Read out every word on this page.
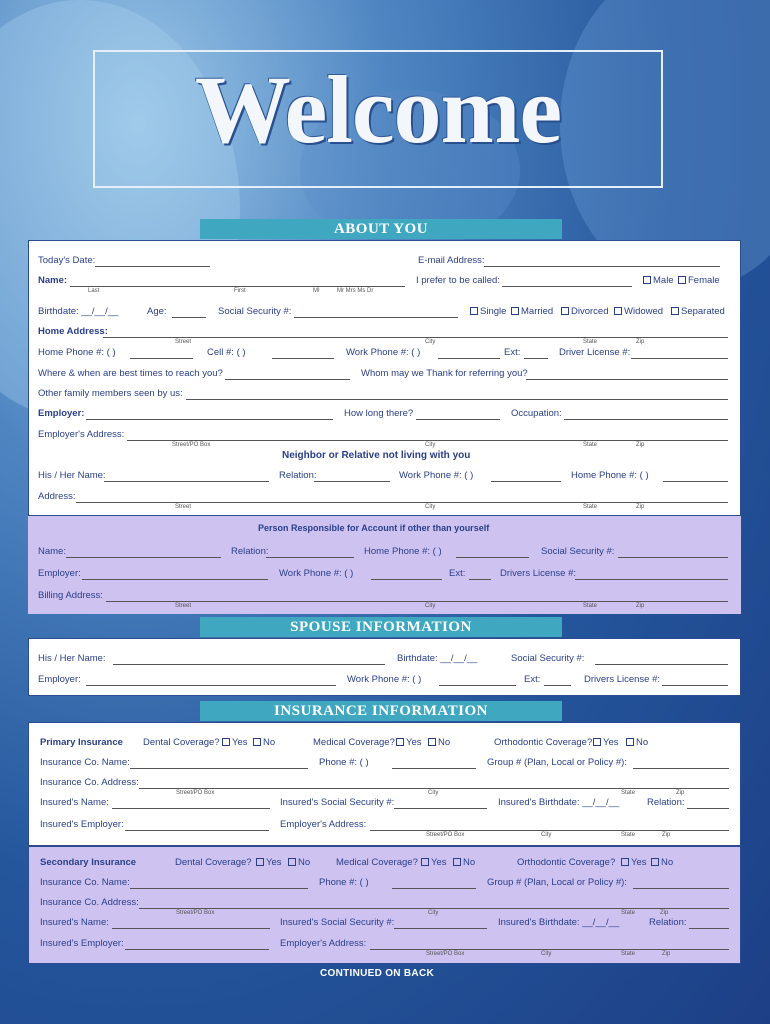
Welcome
ABOUT YOU
Today's Date:	E-mail Address:
Name:
Last	First	MI	Mr Mrs Ms Dr
I prefer to be called:	Male	Female
Birthdate: __/__/__	Age:	Social Security #:	Single	Married	Divorced	Widowed	Separated
Home Address:
Street	City	State	Zip
Home Phone #: ( )	Cell #: ( )	Work Phone #: ( )	Ext:	Driver License #:
Where & when are best times to reach you?	Whom may we Thank for referring you?
Other family members seen by us:
Employer:	How long there?	Occupation:
Employer's Address:
Street/PO Box	City	State	Zip
Neighbor or Relative not living with you
His / Her Name:	Relation:	Work Phone #: ( )	Home Phone #: ( )
Address:
Street	City	State	Zip
Person Responsible for Account if other than yourself
Name:	Relation:	Home Phone #: ( )	Social Security #:
Employer:	Work Phone #: ( )	Ext:	Drivers License #:
Billing Address:
Street	City	State	Zip
SPOUSE INFORMATION
His / Her Name:	Birthdate: __/__/__	Social Security #:
Employer:	Work Phone #: ( )	Ext:	Drivers License #:
INSURANCE INFORMATION
Primary Insurance Dental Coverage?	Yes	No	Medical Coverage?	Yes	No	Orthodontic Coverage?	Yes	No
Insurance Co. Name:	Phone #: ( )	Group # (Plan, Local or Policy #):
Insurance Co. Address:
Street/PO Box	City	State	Zip
Insured's Name:	Insured's Social Security #:	Insured's Birthdate: __/__/__	Relation:
Insured's Employer:	Employer's Address:
Street/PO Box	City	State	Zip
Secondary Insurance	Dental Coverage?	Yes	No	Medical Coverage?	Yes	No	Orthodontic Coverage?	Yes	No
Insurance Co. Name:	Phone #: ( )	Group # (Plan, Local or Policy #):
Insurance Co. Address:
Street/PO Box	City	State	Zip
Insured's Name:	Insured's Social Security #:	Insured's Birthdate: __/__/__	Relation:
Insured's Employer:	Employer's Address:
Street/PO Box	City	State	Zip
CONTINUED ON BACK
